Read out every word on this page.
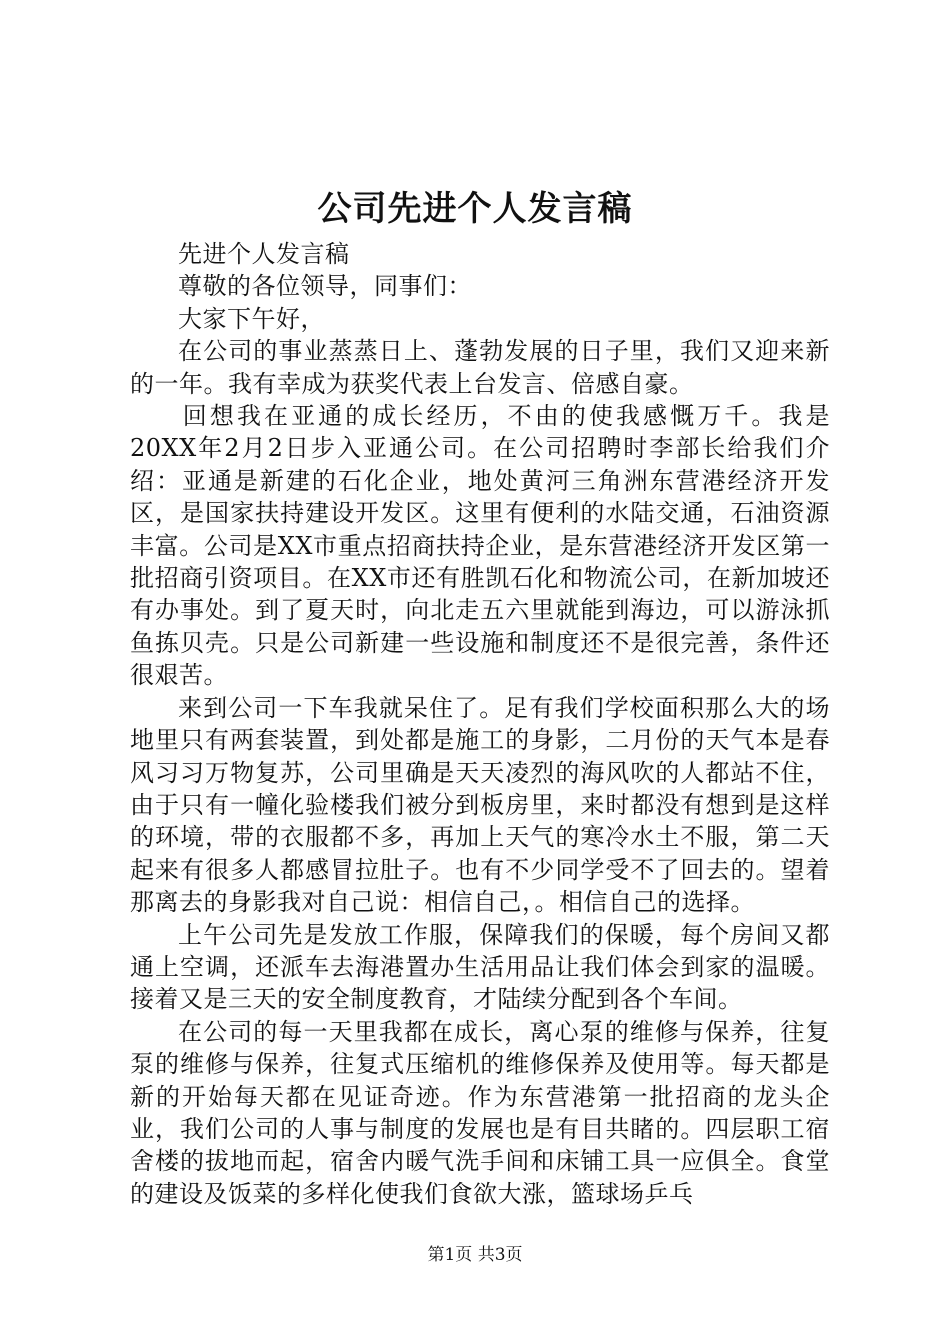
公司先进个人发言稿

先进个人发言稿

尊敬的各位领导，同事们：

大家下午好，

在公司的事业蒸蒸日上、蓬勃发展的日子里，我们又迎来新的一年。我有幸成为获奖代表上台发言、倍感自豪。

回想我在亚通的成长经历，不由的使我感慨万千。我是20XX年2月2日步入亚通公司。在公司招聘时李部长给我们介绍：亚通是新建的石化企业，地处黄河三角洲东营港经济开发区，是国家扶持建设开发区。这里有便利的水陆交通，石油资源丰富。公司是XX市重点招商扶持企业，是东营港经济开发区第一批招商引资项目。在XX市还有胜凯石化和物流公司，在新加坡还有办事处。到了夏天时，向北走五六里就能到海边，可以游泳抓鱼拣贝壳。只是公司新建一些设施和制度还不是很完善，条件还很艰苦。

来到公司一下车我就呆住了。足有我们学校面积那么大的场地里只有两套装置，到处都是施工的身影，二月份的天气本是春风习习万物复苏，公司里确是天天凌烈的海风吹的人都站不住，由于只有一幢化验楼我们被分到板房里，来时都没有想到是这样的环境，带的衣服都不多，再加上天气的寒冷水土不服，第二天起来有很多人都感冒拉肚子。也有不少同学受不了回去的。望着那离去的身影我对自己说：相信自己，。相信自己的选择。

上午公司先是发放工作服，保障我们的保暖，每个房间又都通上空调，还派车去海港置办生活用品让我们体会到家的温暖。接着又是三天的安全制度教育，才陆续分配到各个车间。

在公司的每一天里我都在成长，离心泵的维修与保养，往复泵的维修与保养，往复式压缩机的维修保养及使用等。每天都是新的开始每天都在见证奇迹。作为东营港第一批招商的龙头企业，我们公司的人事与制度的发展也是有目共睹的。四层职工宿舍楼的拔地而起，宿舍内暖气洗手间和床铺工具一应俱全。食堂的建设及饭菜的多样化使我们食欲大涨，篮球场乒乓

第1页 共3页
